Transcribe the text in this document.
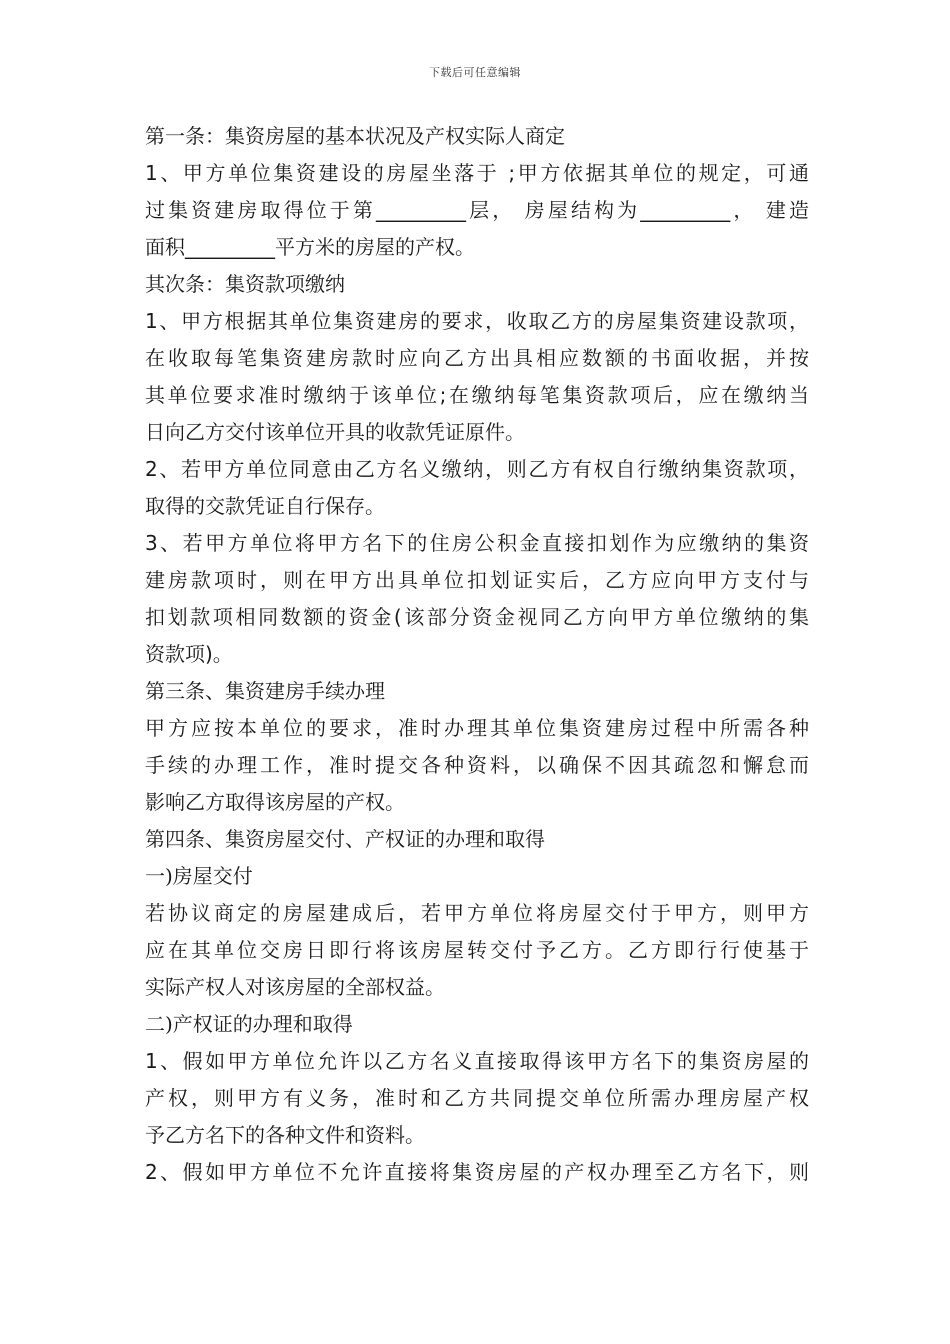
下载后可任意编辑
第一条：集资房屋的基本状况及产权实际人商定
1、甲方单位集资建设的房屋坐落于 ;甲方依据其单位的规定，可通
过集资建房取得位于第_________层， 房屋结构为_________， 建造
面积_________平方米的房屋的产权。
其次条：集资款项缴纳
1、甲方根据其单位集资建房的要求，收取乙方的房屋集资建设款项，
在收取每笔集资建房款时应向乙方出具相应数额的书面收据，并按
其单位要求准时缴纳于该单位;在缴纳每笔集资款项后，应在缴纳当
日向乙方交付该单位开具的收款凭证原件。
2、若甲方单位同意由乙方名义缴纳，则乙方有权自行缴纳集资款项，
取得的交款凭证自行保存。
3、若甲方单位将甲方名下的住房公积金直接扣划作为应缴纳的集资
建房款项时，则在甲方出具单位扣划证实后，乙方应向甲方支付与
扣划款项相同数额的资金(该部分资金视同乙方向甲方单位缴纳的集
资款项)。
第三条、集资建房手续办理
甲方应按本单位的要求，准时办理其单位集资建房过程中所需各种
手续的办理工作，准时提交各种资料，以确保不因其疏忽和懈怠而
影响乙方取得该房屋的产权。
第四条、集资房屋交付、产权证的办理和取得
一)房屋交付
若协议商定的房屋建成后，若甲方单位将房屋交付于甲方，则甲方
应在其单位交房日即行将该房屋转交付予乙方。乙方即行行使基于
实际产权人对该房屋的全部权益。
二)产权证的办理和取得
1、假如甲方单位允许以乙方名义直接取得该甲方名下的集资房屋的
产权，则甲方有义务，准时和乙方共同提交单位所需办理房屋产权
予乙方名下的各种文件和资料。
2、假如甲方单位不允许直接将集资房屋的产权办理至乙方名下，则
